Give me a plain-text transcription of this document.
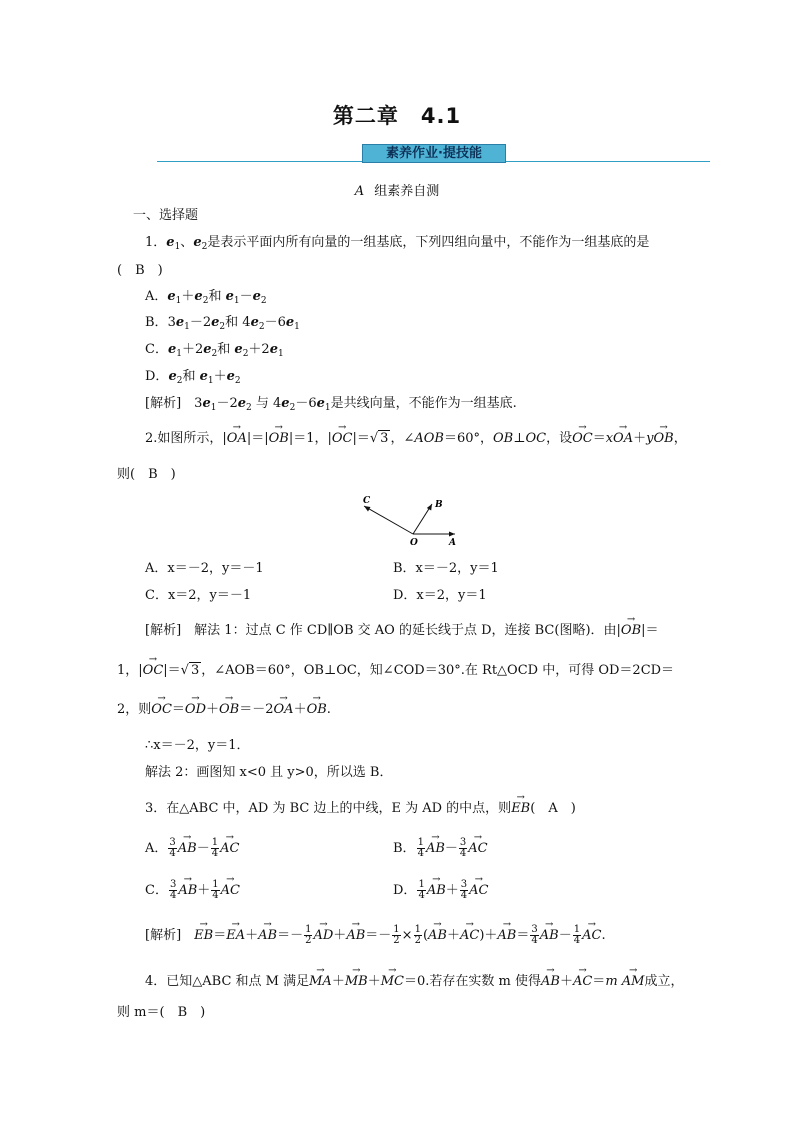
第二章　4.1
素养作业·提技能
A 组素养自测
一、选择题
1．$e_1$、$e_2$是表示平面内所有向量的一组基底，下列四组向量中，不能作为一组基底的是
(　B　)
A．$e_1+e_2$和 $e_1-e_2$
B．$3e_1-2e_2$和 $4e_2-6e_1$
C．$e_1+2e_2$和 $e_2+2e_1$
D．$e_2$和 $e_1+e_2$
[解析]　$3e_1-2e_2$ 与 $4e_2-6e_1$是共线向量，不能作为一组基底.
2.如图所示，|→ OA|＝|→ OB|＝1，|→ OC|＝√ 3 ，∠AOB＝60°，OB⊥OC，设→ OC＝x→ OA＋y→ OB，
则(　 B　)
C	B
O	A
A．x＝－2，y＝－1	B．x＝－2，y＝1
C．x＝2，y＝－1	D．x＝2，y＝1
[解析]　 解法 1：过点 C 作 CD∥OB 交 AO 的延长线于点 D，连接 BC(图略)．由|→ OB|＝
1，|→ OC|＝√ 3 ，∠AOB＝60°，OB⊥OC，知∠COD＝30°.在 Rt△OCD 中，可得 OD＝2CD＝
2，则→ OC＝→ OD＋→ OB＝－2→ OA＋→ OB.
∴x＝－2，y＝1．
解法 2：画图知 x<0 且 y>0，所以选 B．
3．在△ABC 中，AD 为 BC 边上的中线，E 为 AD 的中点，则→ EB(　A　)
A． $\frac{3}{4}$
→ $AB- \frac{1}{4}$
→ AC	B． $\frac{1}{4}$
→ $AB- \frac{3}{4}$
→ AC
C． $\frac{3}{4}$
→ $AB+ \frac{1}{4}$
→ AC	D． $\frac{1}{4}$
→ $AB+ \frac{3}{4}$
→ AC
[解析]　→ $EB=\to EA+\to AB=- \frac{1}{2}$
→ $AD+\to AB=- \frac{1}{2} \times \frac{1}{2}$ (→ $AB+\to AC)+\to AB= \frac{3}{4}$
→ $AB- \frac{1}{4}$
→ AC.
4．已知△ABC 和点 M 满足→ MA＋→ MB＋→ MC＝0.若存在实数 m 使得→ AB＋→ AC＝m → AM成立，
则 m＝(　 B　)
